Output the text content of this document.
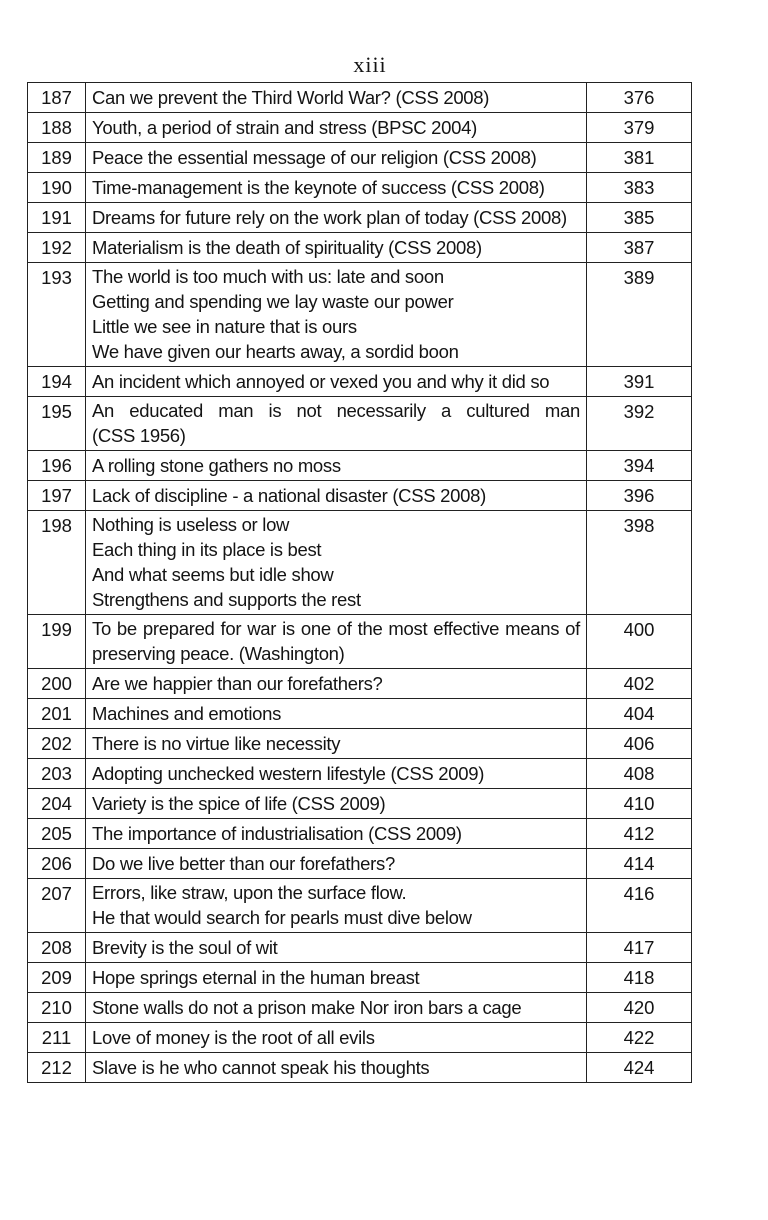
xiii
187	Can we prevent the Third World War? (CSS 2008)	376
188	Youth, a period of strain and stress (BPSC 2004)	379
189	Peace the essential message of our religion (CSS 2008)	381
190	Time-management is the keynote of success (CSS 2008)	383
191	Dreams for future rely on the work plan of today (CSS 2008)	385
192	Materialism is the death of spirituality (CSS 2008)	387
193	The world is too much with us: late and soon
Getting and spending we lay waste our power
Little we see in nature that is ours
We have given our hearts away, a sordid boon	389
194	An incident which annoyed or vexed you and why it did so	391
195	An educated man is not necessarily a cultured man
(CSS 1956)	392
196	A rolling stone gathers no moss	394
197	Lack of discipline - a national disaster (CSS 2008)	396
198	Nothing is useless or low
Each thing in its place is best
And what seems but idle show
Strengthens and supports the rest	398
199	To be prepared for war is one of the most effective means of
preserving peace. (Washington)	400
200	Are we happier than our forefathers?	402
201	Machines and emotions	404
202	There is no virtue like necessity	406
203	Adopting unchecked western lifestyle (CSS 2009)	408
204	Variety is the spice of life (CSS 2009)	410
205	The importance of industrialisation (CSS 2009)	412
206	Do we live better than our forefathers?	414
207	Errors, like straw, upon the surface flow.
He that would search for pearls must dive below	416
208	Brevity is the soul of wit	417
209	Hope springs eternal in the human breast	418
210	Stone walls do not a prison make Nor iron bars a cage	420
211	Love of money is the root of all evils	422
212	Slave is he who cannot speak his thoughts	424
